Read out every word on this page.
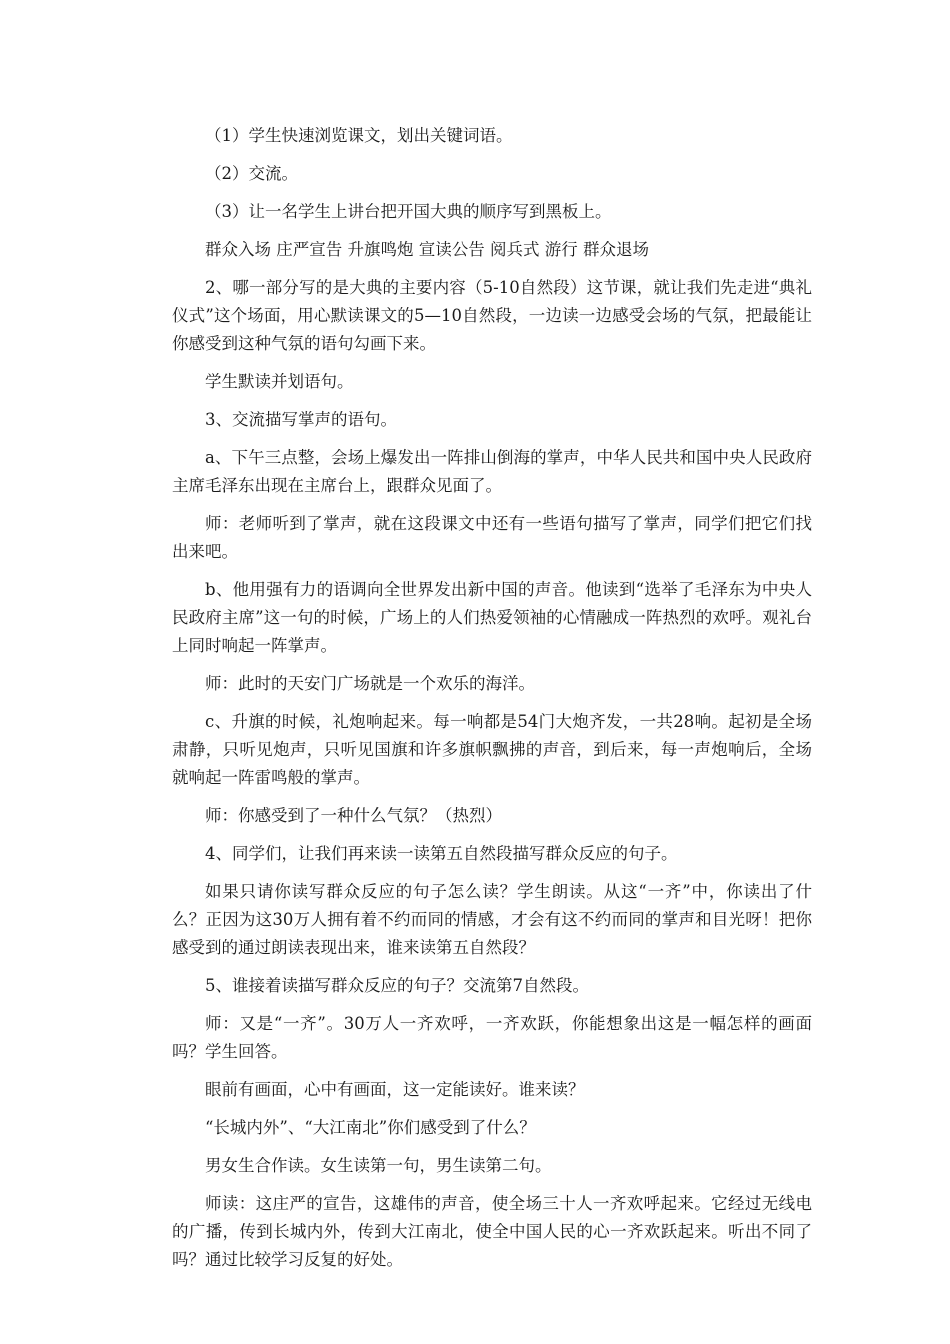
（1）学生快速浏览课文，划出关键词语。

（2）交流。

（3）让一名学生上讲台把开国大典的顺序写到黑板上。

群众入场 庄严宣告 升旗鸣炮 宣读公告 阅兵式 游行 群众退场

2、哪一部分写的是大典的主要内容（5-10自然段）这节课，就让我们先走进“典礼仪式”这个场面，用心默读课文的5—10自然段，一边读一边感受会场的气氛，把最能让你感受到这种气氛的语句勾画下来。

学生默读并划语句。

3、交流描写掌声的语句。

a、下午三点整，会场上爆发出一阵排山倒海的掌声，中华人民共和国中央人民政府主席毛泽东出现在主席台上，跟群众见面了。

师：老师听到了掌声，就在这段课文中还有一些语句描写了掌声，同学们把它们找出来吧。

b、他用强有力的语调向全世界发出新中国的声音。他读到“选举了毛泽东为中央人民政府主席”这一句的时候，广场上的人们热爱领袖的心情融成一阵热烈的欢呼。观礼台上同时响起一阵掌声。

师：此时的天安门广场就是一个欢乐的海洋。

c、升旗的时候，礼炮响起来。每一响都是54门大炮齐发，一共28响。起初是全场肃静，只听见炮声，只听见国旗和许多旗帜飘拂的声音，到后来，每一声炮响后，全场就响起一阵雷鸣般的掌声。

师：你感受到了一种什么气氛？（热烈）

4、同学们，让我们再来读一读第五自然段描写群众反应的句子。

如果只请你读写群众反应的句子怎么读？学生朗读。从这“一齐”中，你读出了什么？正因为这30万人拥有着不约而同的情感，才会有这不约而同的掌声和目光呀！把你感受到的通过朗读表现出来，谁来读第五自然段？

5、谁接着读描写群众反应的句子？交流第7自然段。

师：又是“一齐”。30万人一齐欢呼，一齐欢跃，你能想象出这是一幅怎样的画面吗？学生回答。

眼前有画面，心中有画面，这一定能读好。谁来读？

“长城内外”、“大江南北”你们感受到了什么？

男女生合作读。女生读第一句，男生读第二句。

师读：这庄严的宣告，这雄伟的声音，使全场三十人一齐欢呼起来。它经过无线电的广播，传到长城内外，传到大江南北，使全中国人民的心一齐欢跃起来。听出不同了吗？通过比较学习反复的好处。
